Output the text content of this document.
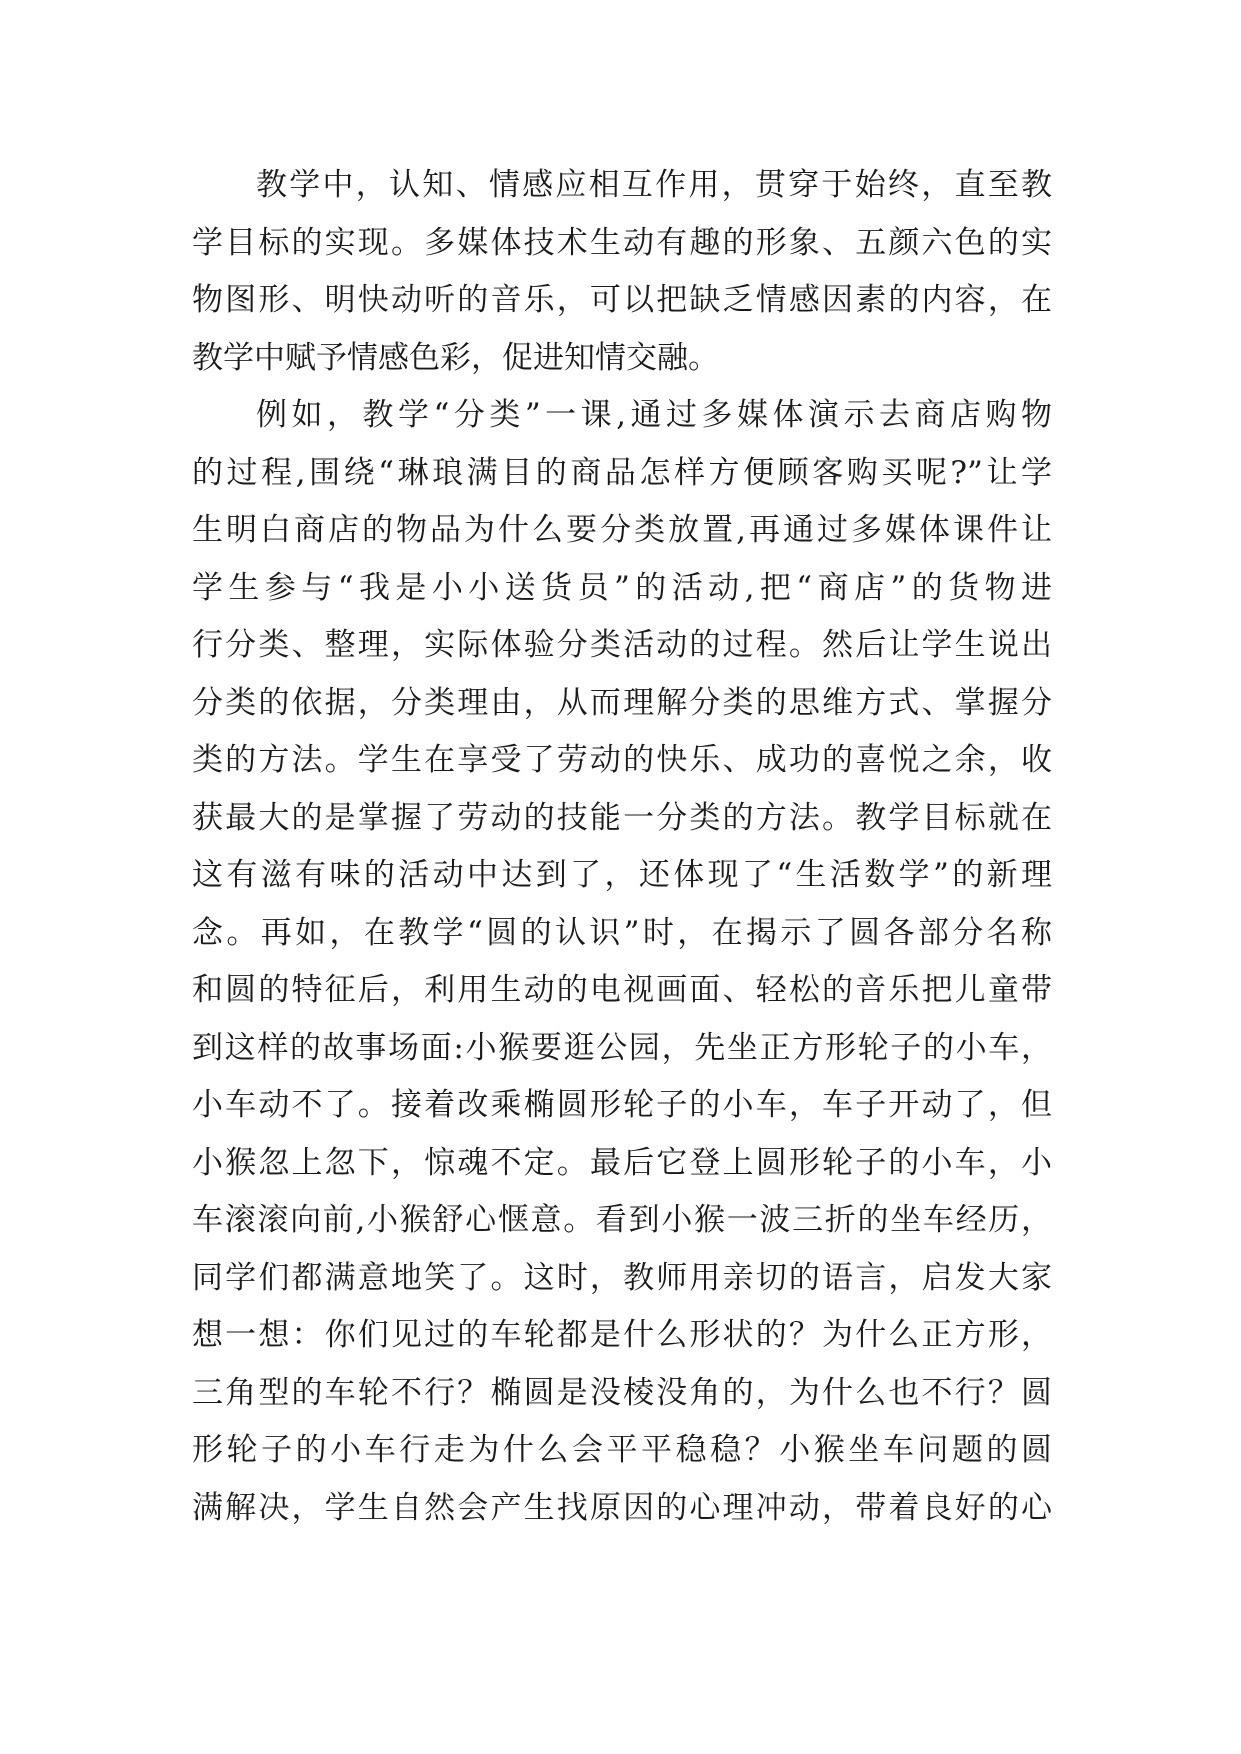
教学中，认知、情感应相互作用，贯穿于始终，直至教
学目标的实现。多媒体技术生动有趣的形象、五颜六色的实
物图形、明快动听的音乐，可以把缺乏情感因素的内容，在
教学中赋予情感色彩，促进知情交融。
例如，教学“分类”一课,通过多媒体演示去商店购物
的过程,围绕“琳琅满目的商品怎样方便顾客购买呢?”让学
生明白商店的物品为什么要分类放置,再通过多媒体课件让
学生参与“我是小小送货员”的活动,把“商店”的货物进
行分类、整理，实际体验分类活动的过程。然后让学生说出
分类的依据，分类理由，从而理解分类的思维方式、掌握分
类的方法。学生在享受了劳动的快乐、成功的喜悦之余，收
获最大的是掌握了劳动的技能一分类的方法。教学目标就在
这有滋有味的活动中达到了，还体现了“生活数学”的新理
念。再如，在教学“圆的认识”时，在揭示了圆各部分名称
和圆的特征后，利用生动的电视画面、轻松的音乐把儿童带
到这样的故事场面:小猴要逛公园，先坐正方形轮子的小车，
小车动不了。接着改乘椭圆形轮子的小车，车子开动了，但
小猴忽上忽下，惊魂不定。最后它登上圆形轮子的小车，小
车滚滚向前,小猴舒心惬意。看到小猴一波三折的坐车经历，
同学们都满意地笑了。这时，教师用亲切的语言，启发大家
想一想：你们见过的车轮都是什么形状的？为什么正方形，
三角型的车轮不行？椭圆是没棱没角的，为什么也不行？圆
形轮子的小车行走为什么会平平稳稳？小猴坐车问题的圆
满解决，学生自然会产生找原因的心理冲动，带着良好的心
